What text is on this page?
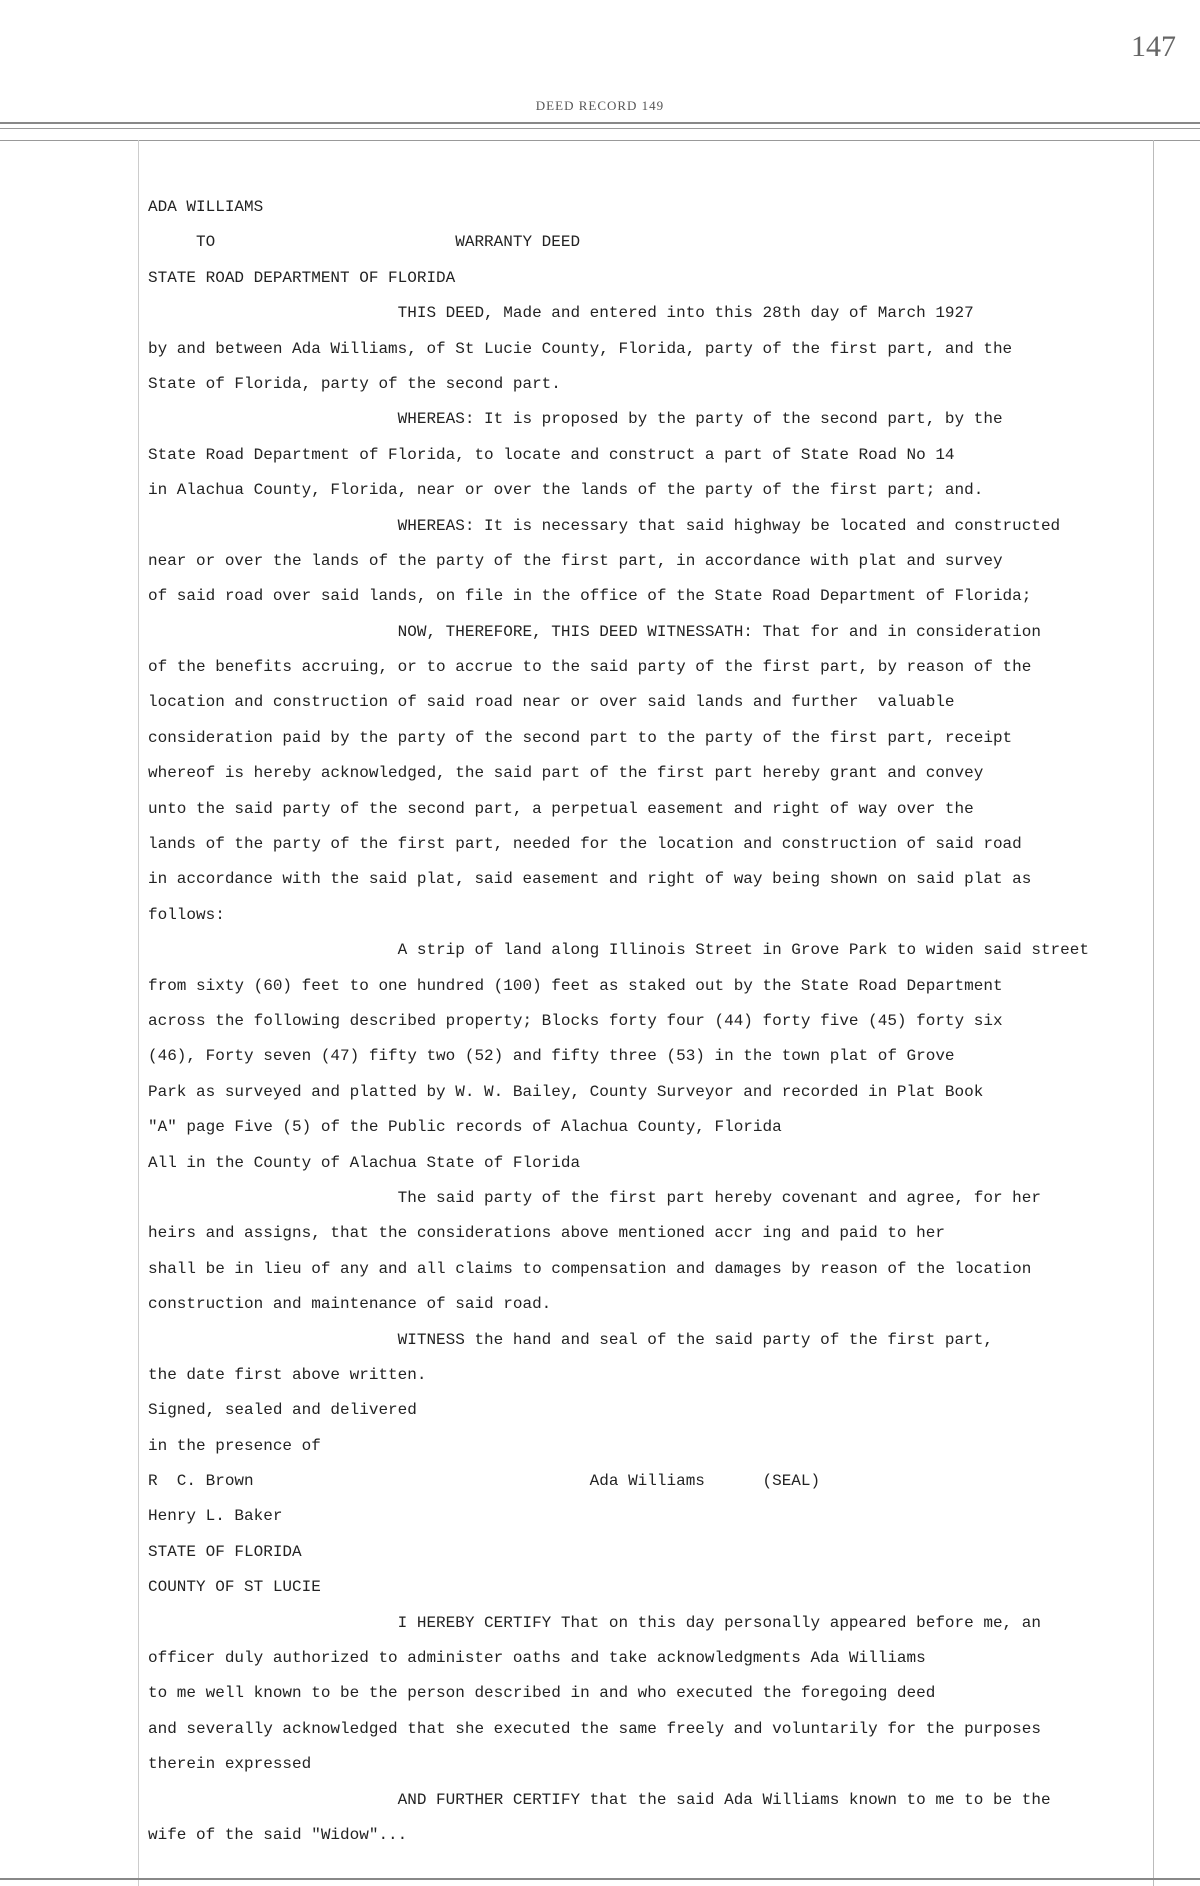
147
DEED RECORD 149
ADA WILLIAMS
TO                         WARRANTY DEED
STATE ROAD DEPARTMENT OF FLORIDA
THIS DEED, Made and entered into this 28th day of March 1927
by and between Ada Williams, of St Lucie County, Florida, party of the first part, and the
State of Florida, party of the second part.
WHEREAS: It is proposed by the party of the second part, by the
State Road Department of Florida, to locate and construct a part of State Road No 14
in Alachua County, Florida, near or over the lands of the party of the first part; and.
WHEREAS: It is necessary that said highway be located and constructed
near or over the lands of the party of the first part, in accordance with plat and survey
of said road over said lands, on file in the office of the State Road Department of Florida;
NOW, THEREFORE, THIS DEED WITNESSATH: That for and in consideration
of the benefits accruing, or to accrue to the said party of the first part, by reason of the
location and construction of said road near or over said lands and further  valuable
consideration paid by the party of the second part to the party of the first part, receipt
whereof is hereby acknowledged, the said part of the first part hereby grant and convey
unto the said party of the second part, a perpetual easement and right of way over the
lands of the party of the first part, needed for the location and construction of said road
in accordance with the said plat, said easement and right of way being shown on said plat as
follows:
A strip of land along Illinois Street in Grove Park to widen said street
from sixty (60) feet to one hundred (100) feet as staked out by the State Road Department
across the following described property; Blocks forty four (44) forty five (45) forty six
(46), Forty seven (47) fifty two (52) and fifty three (53) in the town plat of Grove
Park as surveyed and platted by W. W. Bailey, County Surveyor and recorded in Plat Book
"A" page Five (5) of the Public records of Alachua County, Florida
All in the County of Alachua State of Florida
The said party of the first part hereby covenant and agree, for her
heirs and assigns, that the considerations above mentioned accr ing and paid to her
shall be in lieu of any and all claims to compensation and damages by reason of the location
construction and maintenance of said road.
WITNESS the hand and seal of the said party of the first part,
the date first above written.
Signed, sealed and delivered
in the presence of
R  C. Brown                                   Ada Williams      (SEAL)
Henry L. Baker
STATE OF FLORIDA
COUNTY OF ST LUCIE
I HEREBY CERTIFY That on this day personally appeared before me, an
officer duly authorized to administer oaths and take acknowledgments Ada Williams
to me well known to be the person described in and who executed the foregoing deed
and severally acknowledged that she executed the same freely and voluntarily for the purposes
therein expressed
AND FURTHER CERTIFY that the said Ada Williams known to me to be the
wife of the said "Widow"...
